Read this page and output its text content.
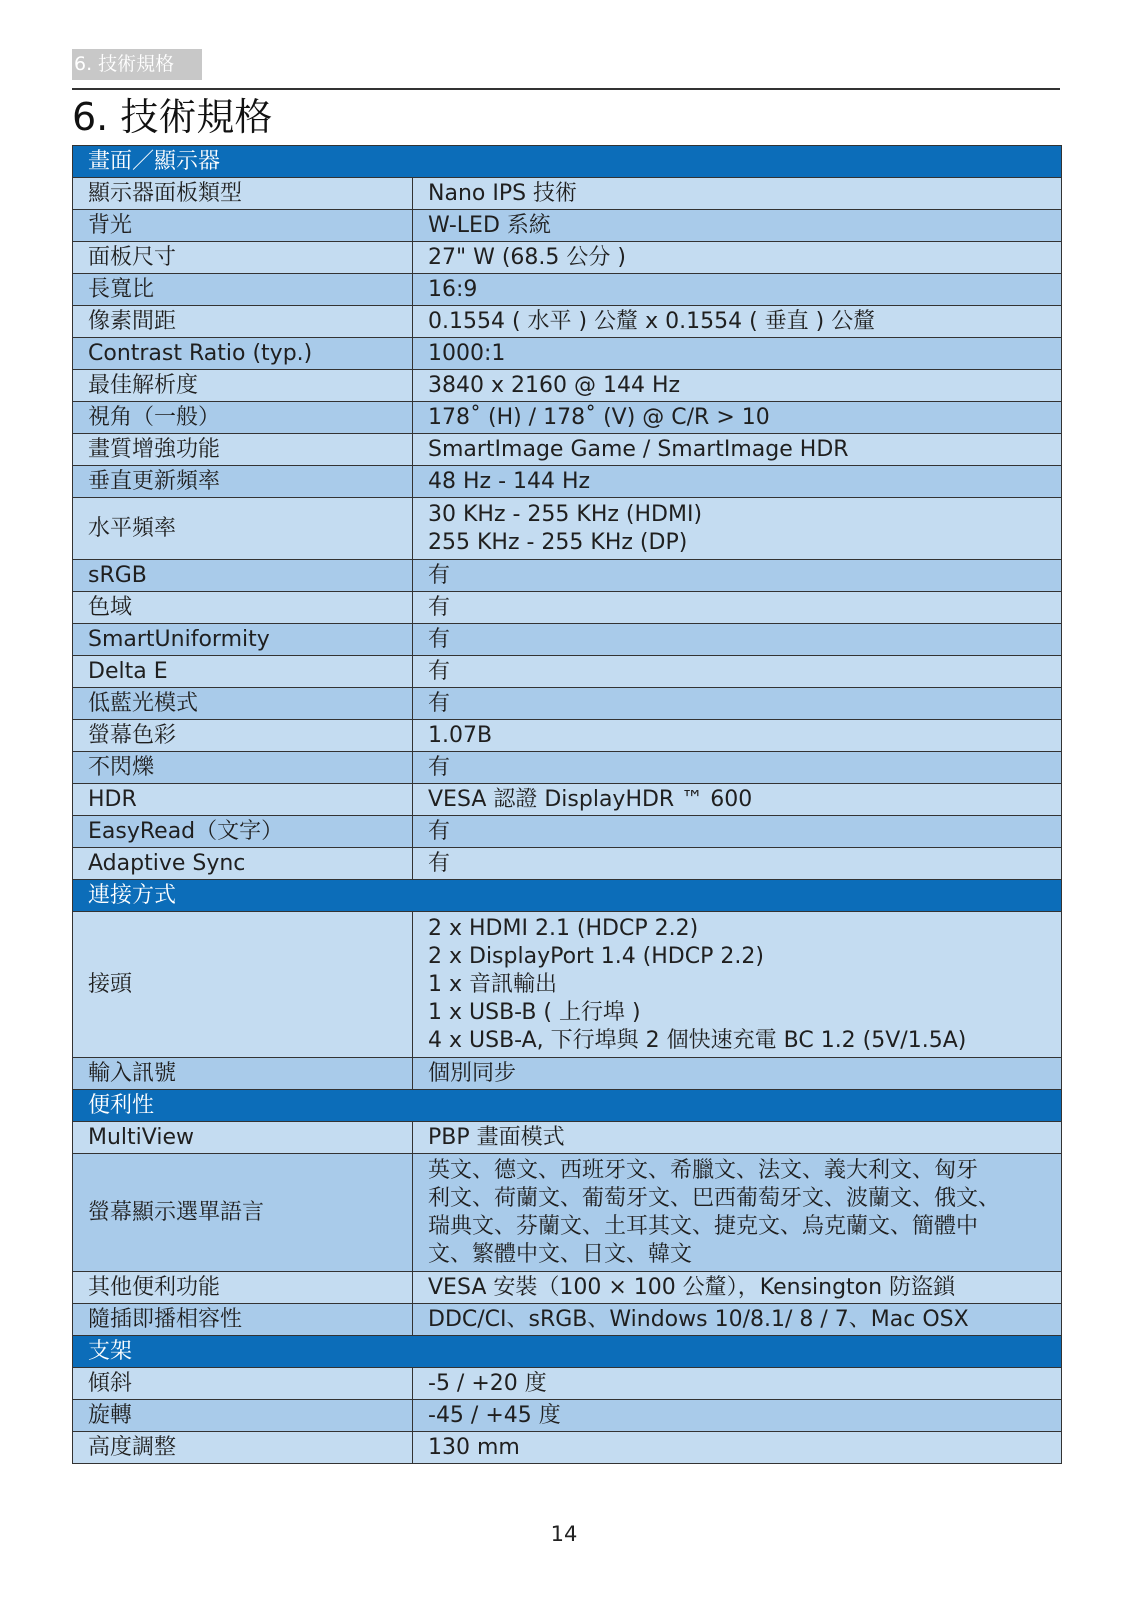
6. 技術規格
6. 技術規格
畫面／顯示器	
顯示器面板類型	Nano IPS 技術

背光	W-LED 系統

面板尺寸	27" W (68.5 公分 )

長寬比	16:9

像素間距	0.1554 ( 水平 ) 公釐 x 0.1554 ( 垂直 ) 公釐

Contrast Ratio (typ.)	1000:1

最佳解析度	3840 x 2160 @ 144 Hz

視角（一般）	178˚ (H) / 178˚ (V) @ C/R > 10

畫質增強功能	SmartImage Game / SmartImage HDR

垂直更新頻率	48 Hz - 144 Hz

水平頻率	30 KHz - 255 KHz (HDMI)
255 KHz - 255 KHz (DP)

sRGB	有

色域	有

SmartUniformity	有

Delta E	有

低藍光模式	有

螢幕色彩	1.07B

不閃爍	有

HDR	VESA 認證 DisplayHDR ™ 600

EasyRead（文字）	有

Adaptive Sync	有

連接方式	
接頭	2 x HDMI 2.1 (HDCP 2.2)
2 x DisplayPort 1.4 (HDCP 2.2)
1 x 音訊輸出
1 x USB-B ( 上行埠 )
4 x USB-A, 下行埠與 2 個快速充電 BC 1.2 (5V/1.5A)

輸入訊號	個別同步

便利性	
MultiView	PBP 畫面模式

螢幕顯示選單語言	英文、德文、西班牙文、希臘文、法文、義大利文、匈牙
利文、荷蘭文、葡萄牙文、巴西葡萄牙文、波蘭文、俄文、
瑞典文、芬蘭文、土耳其文、捷克文、烏克蘭文、簡體中
文、繁體中文、日文、韓文

其他便利功能	VESA 安裝（100 × 100 公釐），Kensington 防盜鎖

隨插即播相容性	DDC/CI、sRGB、Windows 10/8.1/ 8 / 7、Mac OSX

支架	
傾斜	-5 / +20 度

旋轉	-45 / +45 度

高度調整	130 mm
14
